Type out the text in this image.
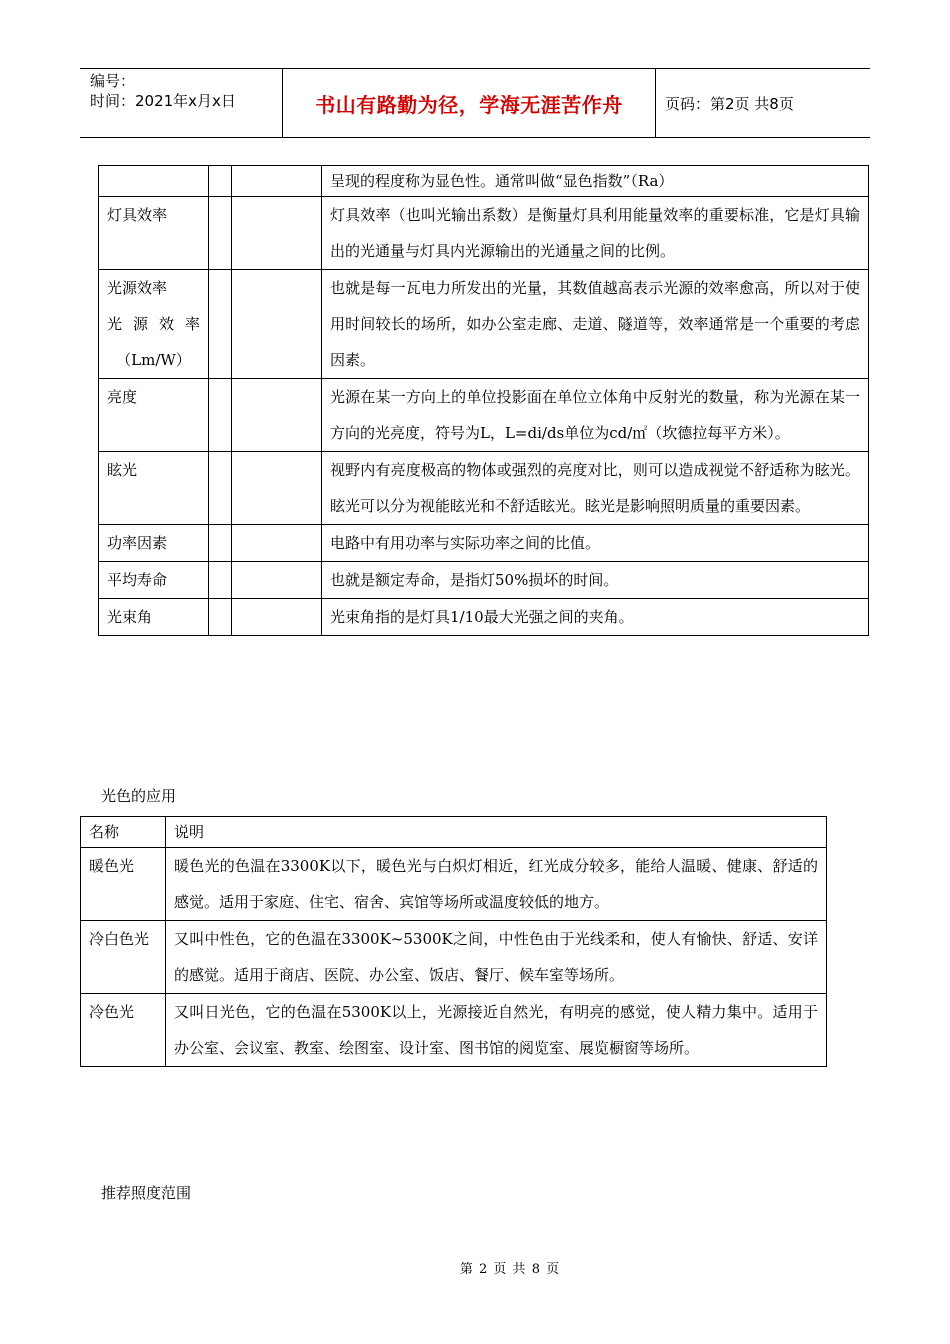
编号：
时间：2021年x月x日	书山有路勤为径，学海无涯苦作舟	页码：第2页 共8页
			呈现的程度称为显色性。通常叫做“显色指数”（Ra）
灯具效率			灯具效率（也叫光输出系数）是衡量灯具利用能量效率的重要标准，它是灯具输出的光通量与灯具内光源输出的光通量之间的比例。

光源效率
光 源 效 率
（Lm/W）			也就是每一瓦电力所发出的光量，其数值越高表示光源的效率愈高，所以对于使用时间较长的场所，如办公室走廊、走道、隧道等，效率通常是一个重要的考虑因素。
亮度			光源在某一方向上的单位投影面在单位立体角中反射光的数量，称为光源在某一方向的光亮度，符号为L，L=di/ds单位为cd/㎡（坎德拉每平方米）。
眩光			视野内有亮度极高的物体或强烈的亮度对比，则可以造成视觉不舒适称为眩光。眩光可以分为视能眩光和不舒适眩光。眩光是影响照明质量的重要因素。
功率因素			电路中有用功率与实际功率之间的比值。
平均寿命			也就是额定寿命，是指灯50%损坏的时间。
光束角			光束角指的是灯具1/10最大光强之间的夹角。
光色的应用
名称	说明
暖色光	暖色光的色温在3300K以下，暖色光与白炽灯相近，红光成分较多，能给人温暖、健康、舒适的感觉。适用于家庭、住宅、宿舍、宾馆等场所或温度较低的地方。
冷白色光	又叫中性色，它的色温在3300K~5300K之间，中性色由于光线柔和，使人有愉快、舒适、安详的感觉。适用于商店、医院、办公室、饭店、餐厅、候车室等场所。
冷色光	又叫日光色，它的色温在5300K以上，光源接近自然光，有明亮的感觉，使人精力集中。适用于办公室、会议室、教室、绘图室、设计室、图书馆的阅览室、展览橱窗等场所。
推荐照度范围
第 2 页 共 8 页
